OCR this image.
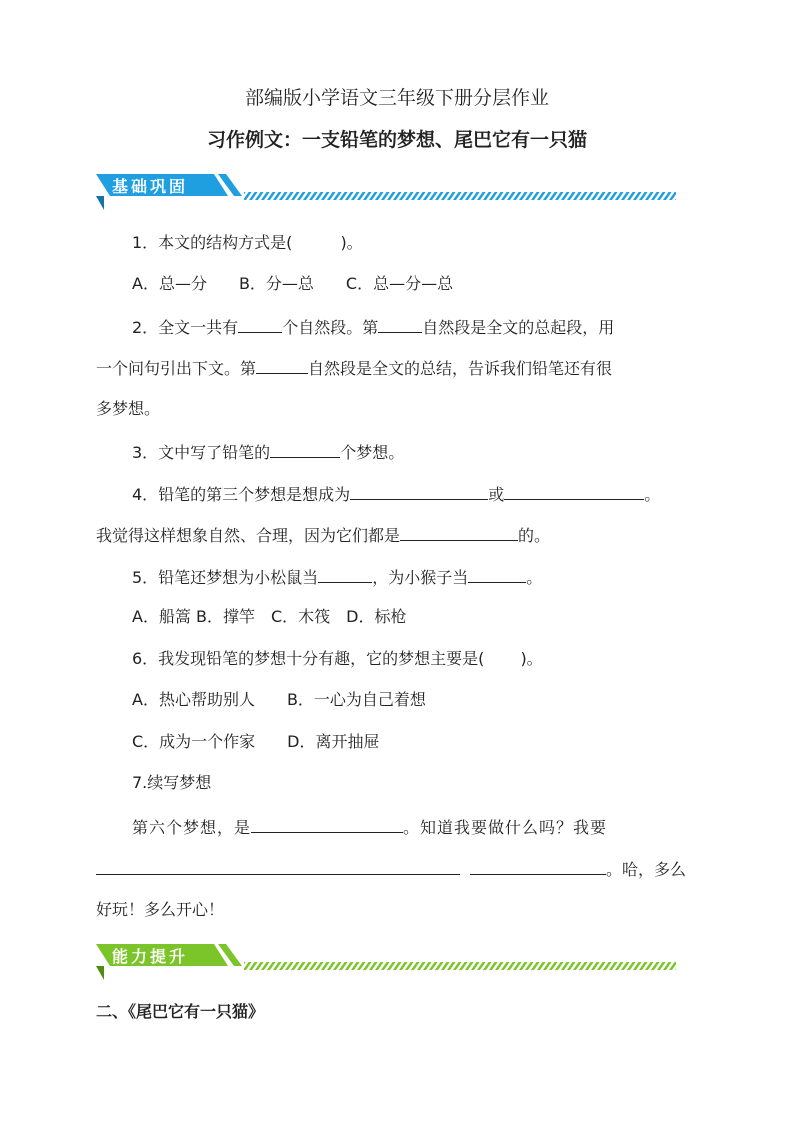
部编版小学语文三年级下册分层作业
习作例文：一支铅笔的梦想、尾巴它有一只猫
基础巩固
1．本文的结构方式是(	)。
A．总—分　　B．分—总　　C．总—分—总
2．全文一共有	个自然段。第	自然段是全文的总起段，用
一个问句引出下文。第	自然段是全文的总结，告诉我们铅笔还有很
多梦想。
3．文中写了铅笔的	个梦想。
4．铅笔的第三个梦想是想成为	或	。
我觉得这样想象自然、合理，因为它们都是	的。
5．铅笔还梦想为小松鼠当	，为小猴子当	。
A．船篙 B．撑竿　C．木筏　D．标枪
6．我发现铅笔的梦想十分有趣，它的梦想主要是( )。
A．热心帮助别人　　B．一心为自己着想
C．成为一个作家　　D．离开抽屉
7.续写梦想
第六个梦想，是	。知道我要做什么吗？我要
。哈，多么
好玩！多么开心！
能力提升
二、《尾巴它有一只猫》
